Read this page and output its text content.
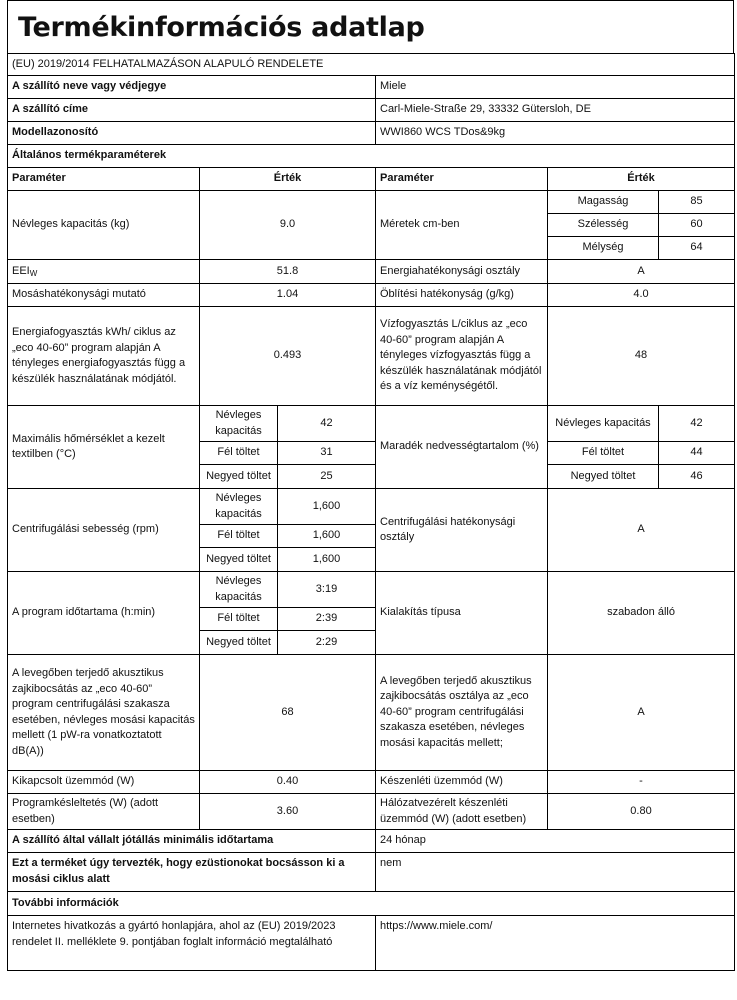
Termékinformációs adatlap
(EU) 2019/2014 FELHATALMAZÁSON ALAPULÓ RENDELETE					
A szállító neve vagy védjegye			Miele		
A szállító címe			Carl-Miele-Straße 29, 33332 Gütersloh, DE		
Modellazonosító			WWI860 WCS TDos&9kg		
Általános termékparaméterek					
Paraméter	Érték		Paraméter	Érték	
Névleges kapacitás (kg)	9.0		Méretek cm-ben	Magasság	85
				Szélesség	60
				Mélység	64
$EEI_W$	51.8		Energiahatékonysági osztály	A	
Mosáshatékonysági mutató	1.04		Öblítési hatékonyság (g/kg)	4.0	
Energiafogyasztás kWh/ ciklus az „eco 40-60” program alapján A tényleges energiafogyasztás függ a készülék használatának módjától.	0.493		Vízfogyasztás L/ciklus az „eco 40-60” program alapján A tényleges vízfogyasztás függ a készülék használatának módjától és a víz keménységétől.	48	
Maximális hőmérséklet a kezelt textilben (°C)	Névleges kapacitás	42	Maradék nedvességtartalom (%)	Névleges kapacitás	42
	Fél töltet	31		Fél töltet	44
	Negyed töltet	25		Negyed töltet	46
Centrifugálási sebesség (rpm)	Névleges kapacitás	1,600	Centrifugálási hatékonysági osztály	A	
	Fél töltet	1,600			
	Negyed töltet	1,600			
A program időtartama (h:min)	Névleges kapacitás	3:19	Kialakítás típusa	szabadon álló	
	Fél töltet	2:39			
	Negyed töltet	2:29			
A levegőben terjedő akusztikus zajkibocsátás az „eco 40-60” program centrifugálási szakasza esetében, névleges mosási kapacitás mellett (1 pW-ra vonatkoztatott dB(A))	68		A levegőben terjedő akusztikus zajkibocsátás osztálya az „eco 40-60” program centrifugálási szakasza esetében, névleges mosási kapacitás mellett;	A	
Kikapcsolt üzemmód (W)	0.40		Készenléti üzemmód (W)	-	
Programkésleltetés (W) (adott esetben)	3.60		Hálózatvezérelt készenléti üzemmód (W) (adott esetben)	0.80	
A szállító által vállalt jótállás minimális időtartama			24 hónap		
Ezt a terméket úgy tervezték, hogy ezüstionokat bocsásson ki a mosási ciklus alatt			nem		
További információk					
Internetes hivatkozás a gyártó honlapjára, ahol az (EU) 2019/2023 rendelet II. melléklete 9. pontjában foglalt információ megtalálható			https://www.miele.com/		
